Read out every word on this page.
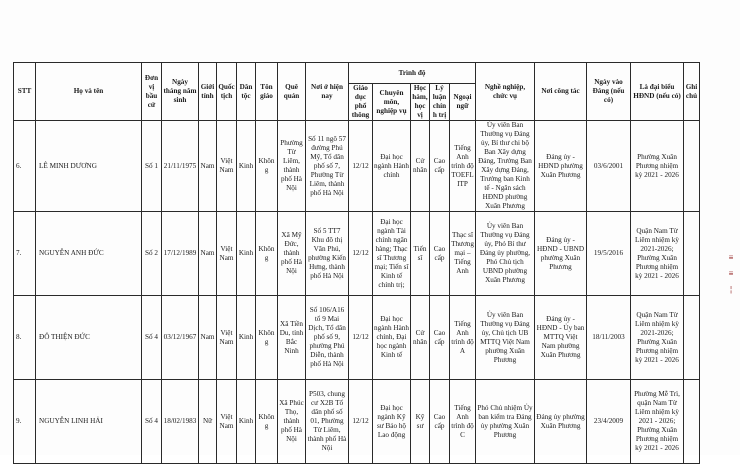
STT	Họ và tên	Đơn vị bầu cử	Ngày tháng năm sinh	Giới tính	Quốc tịch	Dân tộc	Tôn giáo	Quê quán	Nơi ở hiện nay	Trình độ					Nghề nghiệp, chức vụ	Nơi công tác	Ngày vào Đảng (nếu có)	Là đại biểu HĐND (nếu có)	Ghi chú
										Giáo dục phổ thông	Chuyên môn, nghiệp vụ	Học hàm, học vị	Lý luận chính trị	Ngoại ngữ					
6.	LÊ MINH DƯƠNG	Số 1	21/11/1975	Nam	Việt Nam	Kinh	Không	Phường Từ Liêm, thành phố Hà Nội	Số 11 ngõ 57 đường Phú Mỹ, Tổ dân phố số 7, Phường Từ Liêm, thành phố Hà Nội	12/12	Đại học ngành Hành chính	Cử nhân	Cao cấp	Tiếng Anh trình độ TOEFL ITP	Ủy viên Ban Thường vụ Đảng ủy, Bí thư chi bộ Ban Xây dựng Đảng, Trưởng Ban Xây dựng Đảng, Trưởng ban Kinh tế - Ngân sách HĐND phường Xuân Phương	Đảng ủy - HĐND phường Xuân Phương	03/6/2001	Phường Xuân Phương nhiệm kỳ 2021 - 2026	
7.	NGUYỄN ANH ĐỨC	Số 2	17/12/1989	Nam	Việt Nam	Kinh	Không	Xã Mỹ Đức, thành phố Hà Nội	Số 5 TT7 Khu đô thị Văn Phú, phường Kiến Hưng, thành phố Hà Nội	12/12	Đại học ngành Tài chính ngân hàng; Thạc sĩ Thương mại; Tiến sĩ Kinh tế chính trị;	Tiến sĩ	Cao cấp	Thạc sĩ Thương mại – Tiếng Anh	Ủy viên Ban Thường vụ Đảng ủy, Phó Bí thư Đảng ủy phường, Phó Chủ tịch UBND phường Xuân Phương	Đảng ủy - HĐND - UBND phường Xuân Phương	19/5/2016	Quận Nam Từ Liêm nhiệm kỳ 2021-2026; Phường Xuân Phương nhiệm kỳ 2021 - 2026	
8.	ĐỖ THIỆN ĐỨC	Số 4	03/12/1967	Nam	Việt Nam	Kinh	Không	Xã Tiền Du, tỉnh Bắc Ninh	Số 106/A16 tổ 9 Mai Dịch, Tổ dân phố số 9, phường Phú Diễn, thành phố Hà Nội	12/12	Đại học ngành Hành chính, Đại học ngành Kinh tế	Cử nhân	Cao cấp	Tiếng Anh trình độ A	Ủy viên Ban Thường vụ Đảng ủy, Chủ tịch UB MTTQ Việt Nam phường Xuân Phương	Đảng ủy - HĐND - Ủy ban MTTQ Việt Nam phường Xuân Phương	18/11/2003	Quận Nam Từ Liêm nhiệm kỳ 2021-2026; Phường Xuân Phương nhiệm kỳ 2021 - 2026	
9.	NGUYỄN LINH HẢI	Số 4	18/02/1983	Nữ	Việt Nam	Kinh	Không	Xã Phúc Thọ, thành phố Hà Nội	P503, chung cư X2B Tổ dân phố số 01, Phường Từ Liêm, thành phố Hà Nội	12/12	Đại học ngành Kỹ sư Bảo hộ Lao động	Kỹ sư	Cao cấp	Tiếng Anh trình độ C	Phó Chủ nhiệm Ủy ban kiểm tra Đảng ủy phường Xuân Phương	Đảng ủy phường Xuân Phương	23/4/2009	Phường Mễ Trì, quận Nam Từ Liêm nhiệm kỳ 2021 - 2026; Phường Xuân Phương nhiệm kỳ 2021 - 2026	
≡
≡
¦
